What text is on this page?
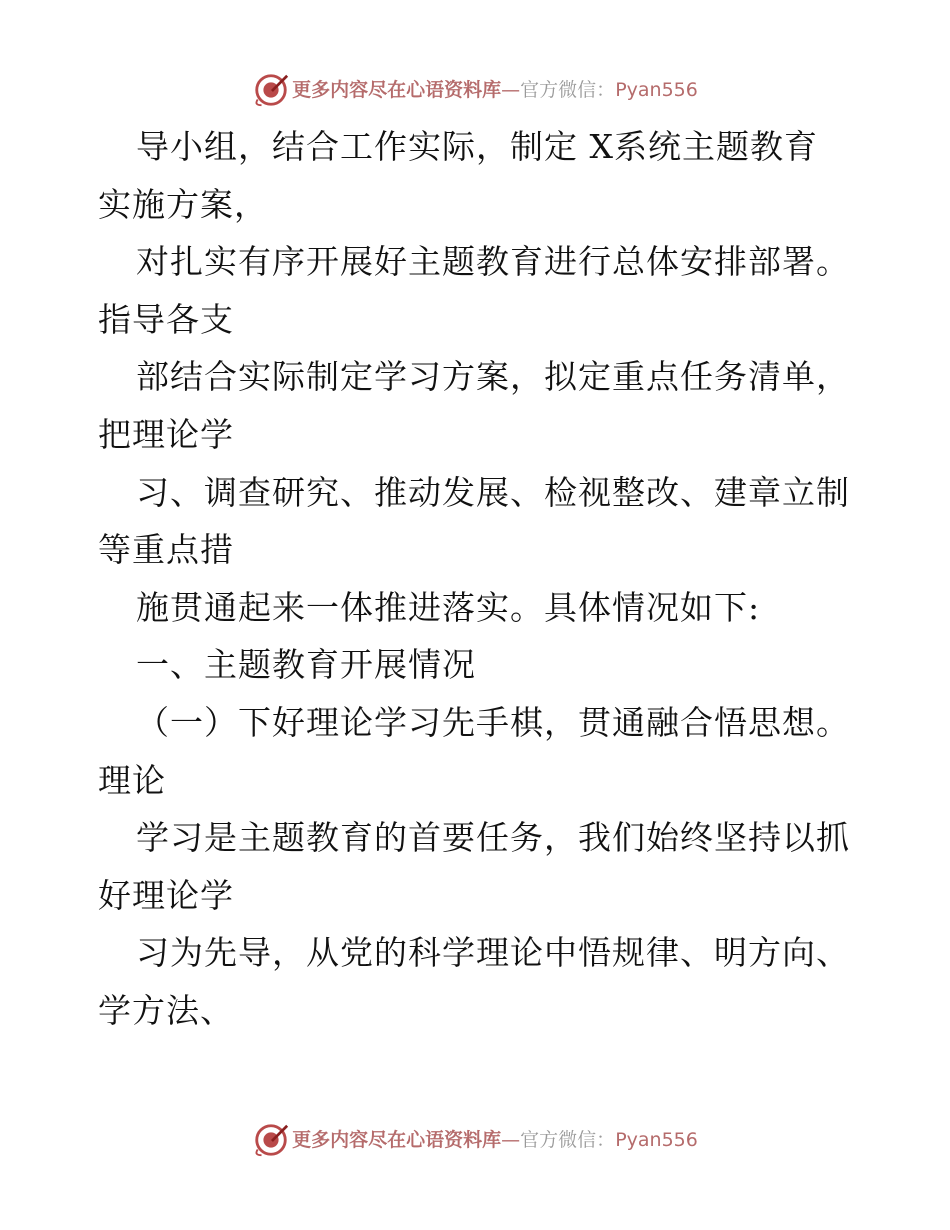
更多内容尽在心语资料库 — 官方微信： Pyan556
导小组，结合工作实际，制定 X系统主题教育
实施方案，
对扎实有序开展好主题教育进行总体安排部署。
指导各支
部结合实际制定学习方案，拟定重点任务清单，
把理论学
习、调查研究、推动发展、检视整改、建章立制
等重点措
施贯通起来一体推进落实。具体情况如下:
一、主题教育开展情况
（一）下好理论学习先手棋，贯通融合悟思想。
理论
学习是主题教育的首要任务，我们始终坚持以抓
好理论学
习为先导，从党的科学理论中悟规律、明方向、
学方法、
更多内容尽在心语资料库 — 官方微信： Pyan556
